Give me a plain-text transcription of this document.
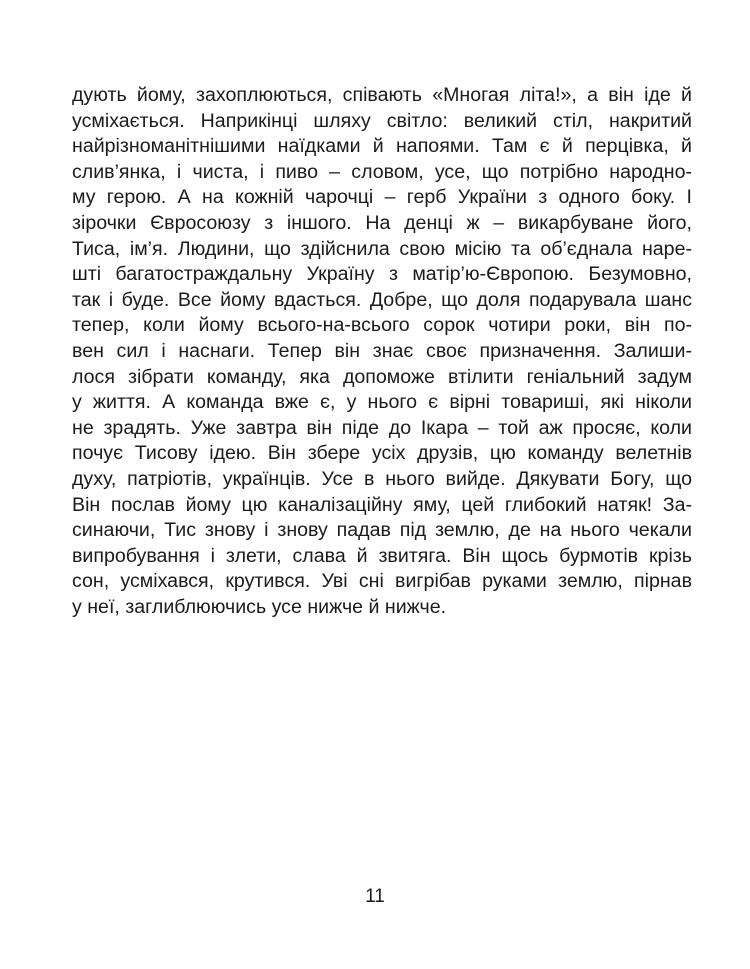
дують йому, захоплюються, співають «Многая літа!», а він іде й
усміхається. Наприкінці шляху світло: великий стіл, накритий
найрізноманітнішими наїдками й напоями. Там є й перцівка, й
слив’янка, і чиста, і пиво – словом, усе, що потрібно народно-
му герою. А на кожній чарочці – герб України з одного боку. І
зірочки Євросоюзу з іншого. На денці ж – викарбуване його,
Тиса, ім’я. Людини, що здійснила свою місію та об’єднала наре-
шті багатостраждальну Україну з матір’ю-Європою. Безумовно,
так і буде. Все йому вдасться. Добре, що доля подарувала шанс
тепер, коли йому всього-на-всього сорок чотири роки, він по-
вен сил і наснаги. Тепер він знає своє призначення. Залиши-
лося зібрати команду, яка допоможе втілити геніальний задум
у життя. А команда вже є, у нього є вірні товариші, які ніколи
не зрадять. Уже завтра він піде до Ікара – той аж просяє, коли
почує Тисову ідею. Він збере усіх друзів, цю команду велетнів
духу, патріотів, українців. Усе в нього вийде. Дякувати Богу, що
Він послав йому цю каналізаційну яму, цей глибокий натяк! За-
синаючи, Тис знову і знову падав під землю, де на нього чекали
випробування і злети, слава й звитяга. Він щось бурмотів крізь
сон, усміхався, крутився. Уві сні вигрібав руками землю, пірнав
у неї, заглиблюючись усе нижче й нижче.
11
